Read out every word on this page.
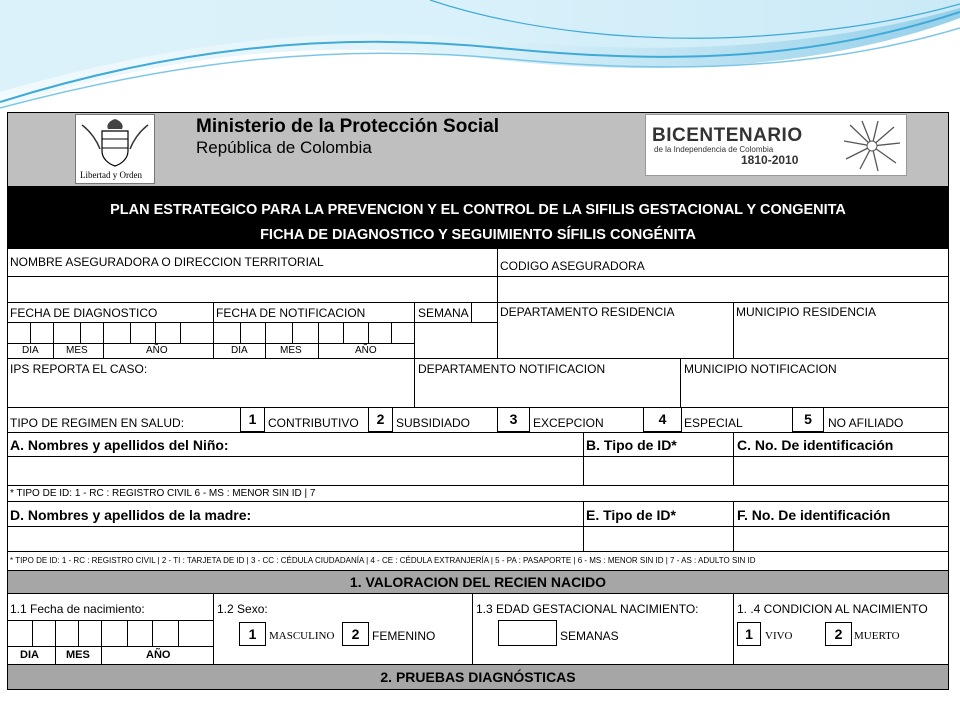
Libertad y Orden
Ministerio de la Protección Social
República de Colombia
BICENTENARIO
de la Independencia de Colombia
1810-2010
PLAN ESTRATEGICO PARA LA PREVENCION Y EL CONTROL DE LA SIFILIS GESTACIONAL Y CONGENITA
FICHA DE DIAGNOSTICO Y SEGUIMIENTO SÍFILIS CONGÉNITA
NOMBRE ASEGURADORA O DIRECCION TERRITORIAL	CODIGO ASEGURADORA
FECHA DE DIAGNOSTICO	FECHA DE NOTIFICACION	SEMANA	DEPARTAMENTO RESIDENCIA	MUNICIPIO RESIDENCIA
DIA	MES	AÑO	DIA	MES	AÑO
IPS REPORTA EL CASO:	DEPARTAMENTO NOTIFICACION	MUNICIPIO NOTIFICACION
TIPO DE REGIMEN EN SALUD:	1 CONTRIBUTIVO	2 SUBSIDIADO	3	EXCEPCION	4	ESPECIAL	5	NO AFILIADO
A. Nombres y apellidos del Niño:	B. Tipo de ID*	C. No. De identificación
* TIPO DE ID: 1 - RC : REGISTRO CIVIL 6 - MS : MENOR SIN ID | 7
D. Nombres y apellidos de la madre:	E. Tipo de ID*	F. No. De identificación
* TIPO DE ID: 1 - RC : REGISTRO CIVIL | 2 - TI : TARJETA DE ID | 3 - CC : CÉDULA CIUDADANÍA | 4 - CE : CÉDULA EXTRANJERÍA | 5 - PA : PASAPORTE | 6 - MS : MENOR SIN ID | 7 - AS : ADULTO SIN ID
1. VALORACION DEL RECIEN NACIDO
1.1 Fecha de nacimiento:
DIA MES	AÑO
1.2 Sexo:
1	MASCULINO	2	FEMENINO
1.3 EDAD GESTACIONAL NACIMIENTO:
SEMANAS
1. .4 CONDICION AL NACIMIENTO
1	VIVO	2	MUERTO
2. PRUEBAS DIAGNÓSTICAS
